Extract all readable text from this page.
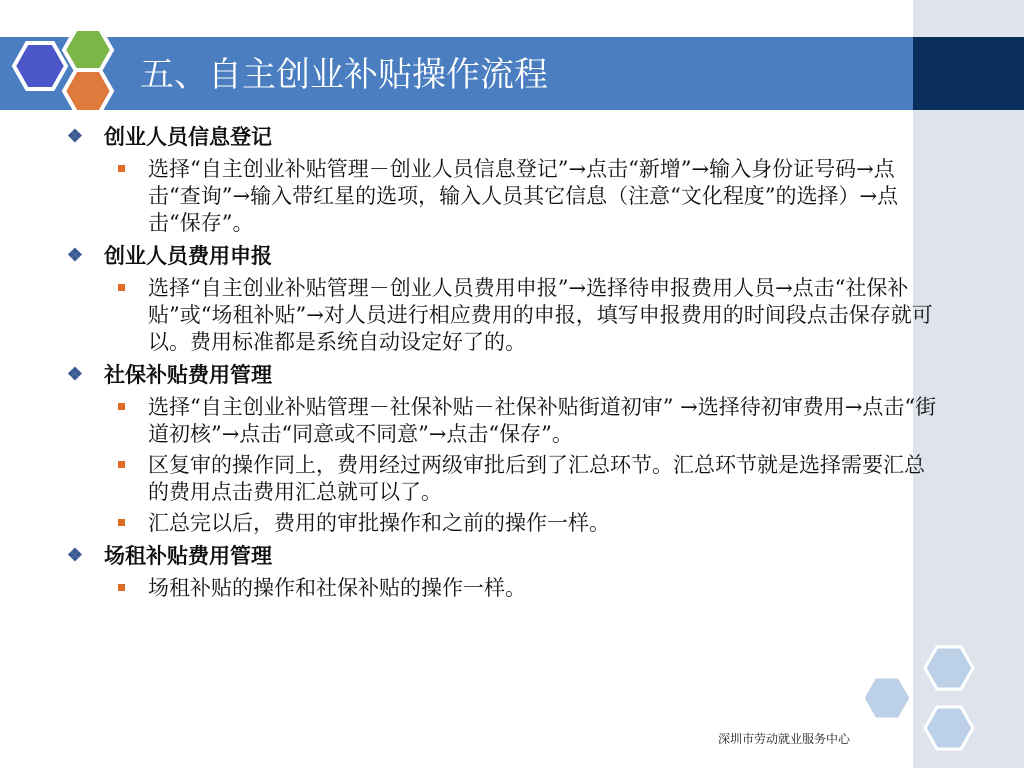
五、自主创业补贴操作流程
❖ 创业人员信息登记
选择“自主创业补贴管理－创业人员信息登记”→点击“新增”→输入身份证号码→点击“查询”→输入带红星的选项，输入人员其它信息（注意“文化程度”的选择）→点击“保存”。
❖ 创业人员费用申报
选择“自主创业补贴管理－创业人员费用申报”→选择待申报费用人员→点击“社保补贴”或“场租补贴”→对人员进行相应费用的申报，填写申报费用的时间段点击保存就可以。费用标准都是系统自动设定好了的。
❖ 社保补贴费用管理
选择“自主创业补贴管理－社保补贴－社保补贴街道初审” →选择待初审费用→点击“街道初核”→点击“同意或不同意”→点击“保存”。
区复审的操作同上，费用经过两级审批后到了汇总环节。汇总环节就是选择需要汇总的费用点击费用汇总就可以了。
汇总完以后，费用的审批操作和之前的操作一样。
❖ 场租补贴费用管理
场租补贴的操作和社保补贴的操作一样。
深圳市劳动就业服务中心
